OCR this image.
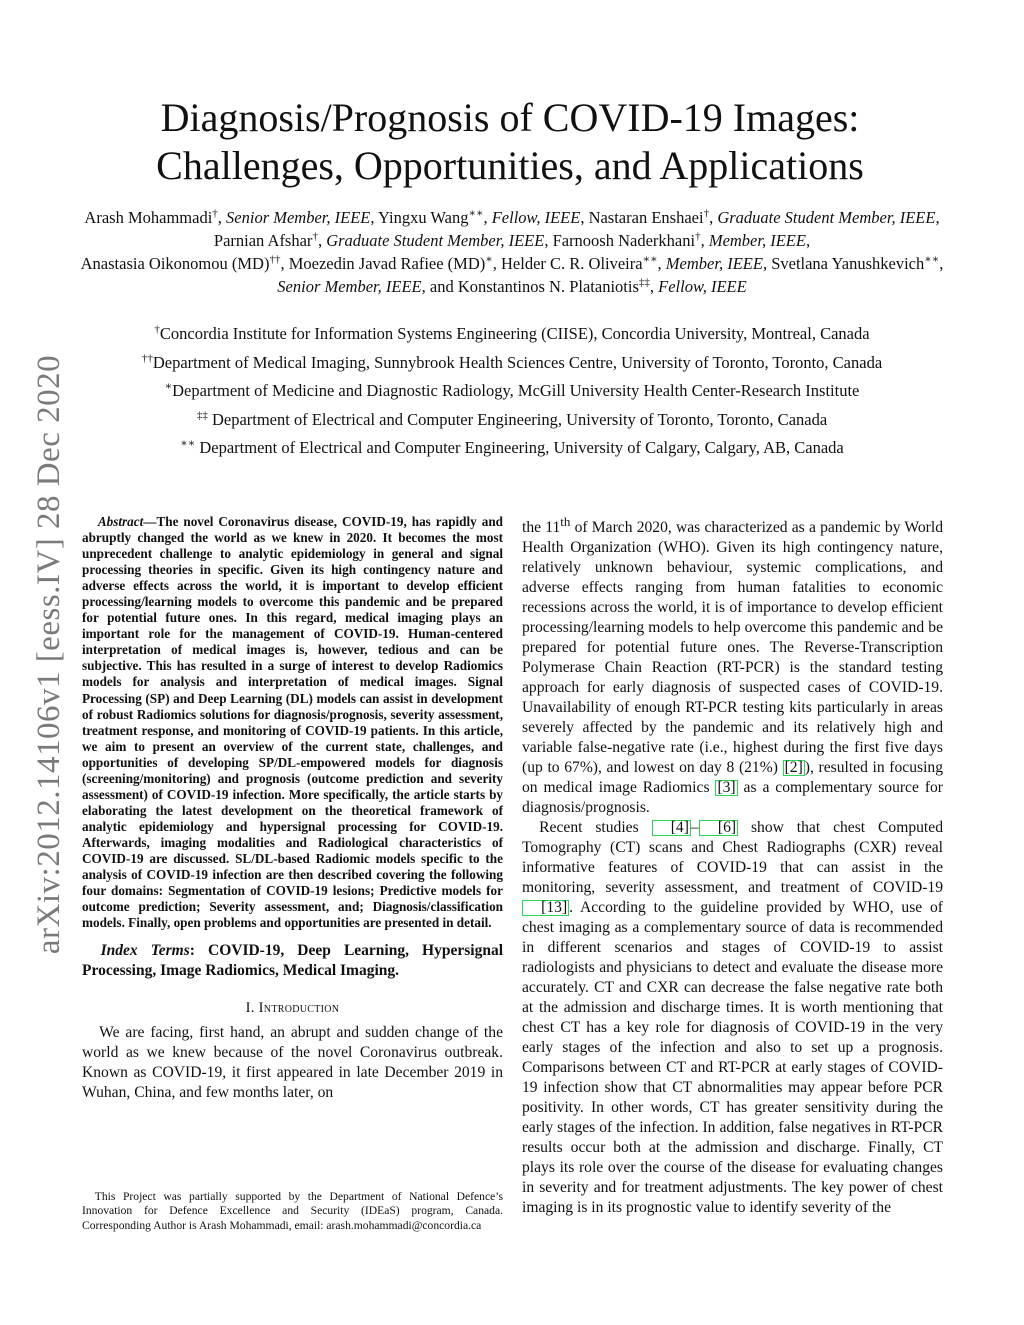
arXiv:2012.14106v1 [eess.IV] 28 Dec 2020
Diagnosis/Prognosis of COVID-19 Images:
Challenges, Opportunities, and Applications

Arash Mohammadi†, Senior Member, IEEE, Yingxu Wang∗∗, Fellow, IEEE, Nastaran Enshaei†, Graduate Student Member, IEEE, Parnian Afshar†, Graduate Student Member, IEEE, Farnoosh Naderkhani†, Member, IEEE,
Anastasia Oikonomou (MD)††, Moezedin Javad Rafiee (MD)∗, Helder C. R. Oliveira∗∗, Member, IEEE, Svetlana Yanushkevich∗∗, Senior Member, IEEE, and Konstantinos N. Plataniotis‡‡, Fellow, IEEE

†Concordia Institute for Information Systems Engineering (CIISE), Concordia University, Montreal, Canada

††Department of Medical Imaging, Sunnybrook Health Sciences Centre, University of Toronto, Toronto, Canada

∗Department of Medicine and Diagnostic Radiology, McGill University Health Center-Research Institute

‡‡ Department of Electrical and Computer Engineering, University of Toronto, Toronto, Canada

∗∗ Department of Electrical and Computer Engineering, University of Calgary, Calgary, AB, Canada

Abstract—The novel Coronavirus disease, COVID-19, has rapidly and abruptly changed the world as we knew in 2020. It becomes the most unprecedent challenge to analytic epidemiology in general and signal processing theories in specific. Given its high contingency nature and adverse effects across the world, it is important to develop efficient processing/learning models to overcome this pandemic and be prepared for potential future ones. In this regard, medical imaging plays an important role for the management of COVID-19. Human-centered interpretation of medical images is, however, tedious and can be subjective. This has resulted in a surge of interest to develop Radiomics models for analysis and interpretation of medical images. Signal Processing (SP) and Deep Learning (DL) models can assist in development of robust Radiomics solutions for diagnosis/prognosis, severity assessment, treatment response, and monitoring of COVID-19 patients. In this article, we aim to present an overview of the current state, challenges, and opportunities of developing SP/DL-empowered models for diagnosis (screening/monitoring) and prognosis (outcome prediction and severity assessment) of COVID-19 infection. More specifically, the article starts by elaborating the latest development on the theoretical framework of analytic epidemiology and hypersignal processing for COVID-19. Afterwards, imaging modalities and Radiological characteristics of COVID-19 are discussed. SL/DL-based Radiomic models specific to the analysis of COVID-19 infection are then described covering the following four domains: Segmentation of COVID-19 lesions; Predictive models for outcome prediction; Severity assessment, and; Diagnosis/classification models. Finally, open problems and opportunities are presented in detail.

Index Terms: COVID-19, Deep Learning, Hypersignal Processing, Image Radiomics, Medical Imaging.

I. Introduction

We are facing, first hand, an abrupt and sudden change of the world as we knew because of the novel Coronavirus outbreak. Known as COVID-19, it first appeared in late December 2019 in Wuhan, China, and few months later, on

This Project was partially supported by the Department of National Defence’s Innovation for Defence Excellence and Security (IDEaS) program, Canada. Corresponding Author is Arash Mohammadi, email: arash.mohammadi@concordia.ca

the 11th of March 2020, was characterized as a pandemic by World Health Organization (WHO). Given its high contingency nature, relatively unknown behaviour, systemic complications, and adverse effects ranging from human fatalities to economic recessions across the world, it is of importance to develop efficient processing/learning models to help overcome this pandemic and be prepared for potential future ones. The Reverse-Transcription Polymerase Chain Reaction (RT-PCR) is the standard testing approach for early diagnosis of suspected cases of COVID-19. Unavailability of enough RT-PCR testing kits particularly in areas severely affected by the pandemic and its relatively high and variable false-negative rate (i.e., highest during the first five days (up to 67%), and lowest on day 8 (21%) [2] ), resulted in focusing on medical image Radiomics [3] as a complementary source for diagnosis/prognosis.

Recent studies [4] – [6] show that chest Computed Tomography (CT) scans and Chest Radiographs (CXR) reveal informative features of COVID-19 that can assist in the monitoring, severity assessment, and treatment of COVID-19 [13] . According to the guideline provided by WHO, use of chest imaging as a complementary source of data is recommended in different scenarios and stages of COVID-19 to assist radiologists and physicians to detect and evaluate the disease more accurately. CT and CXR can decrease the false negative rate both at the admission and discharge times. It is worth mentioning that chest CT has a key role for diagnosis of COVID-19 in the very early stages of the infection and also to set up a prognosis. Comparisons between CT and RT-PCR at early stages of COVID-19 infection show that CT abnormalities may appear before PCR positivity. In other words, CT has greater sensitivity during the early stages of the infection. In addition, false negatives in RT-PCR results occur both at the admission and discharge. Finally, CT plays its role over the course of the disease for evaluating changes in severity and for treatment adjustments. The key power of chest imaging is in its prognostic value to identify severity of the
